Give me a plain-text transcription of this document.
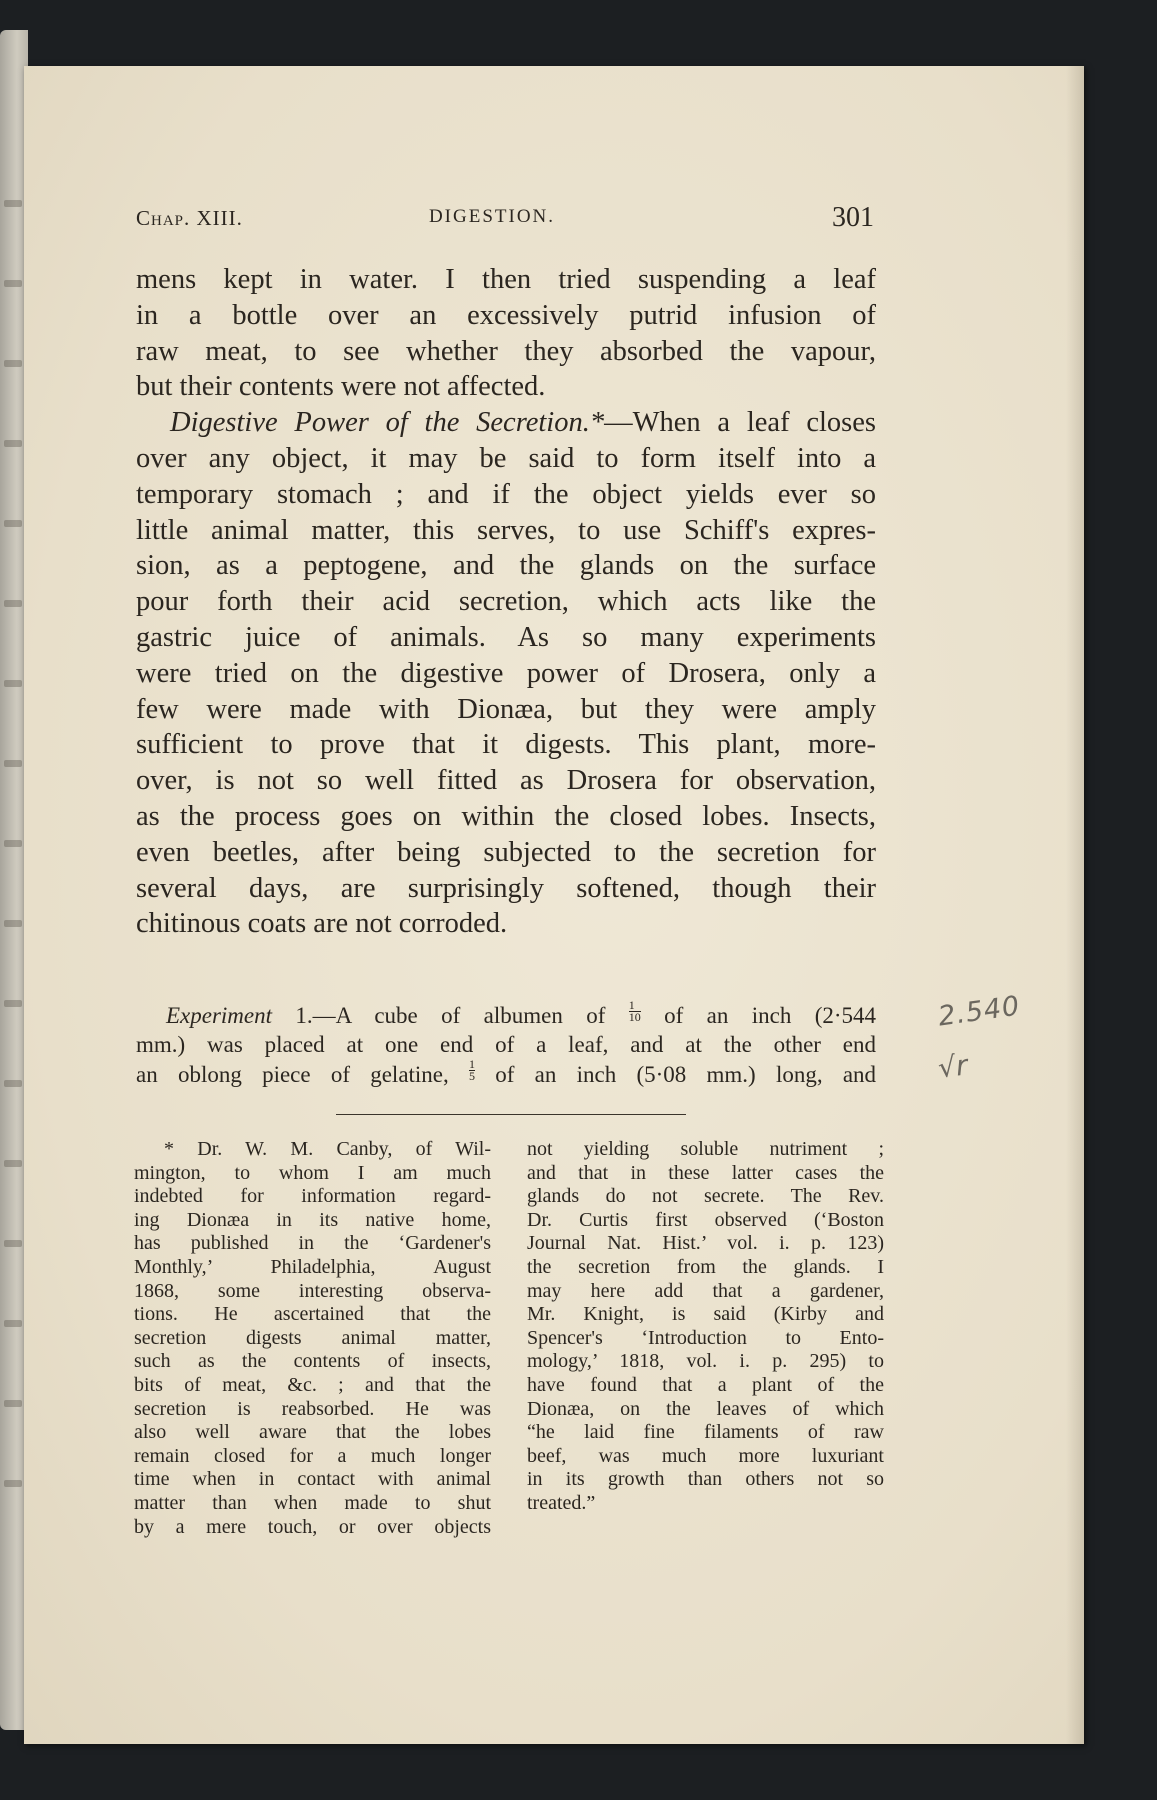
Chap. XIII.	DIGESTION.	301

mens kept in water. I then tried suspending a leaf
in a bottle over an excessively putrid infusion of
raw meat, to see whether they absorbed the vapour,
but their contents were not affected.

Digestive Power of the Secretion.*—When a leaf closes
over any object, it may be said to form itself into a
temporary stomach ; and if the object yields ever so
little animal matter, this serves, to use Schiff's expres-
sion, as a peptogene, and the glands on the surface
pour forth their acid secretion, which acts like the
gastric juice of animals. As so many experiments
were tried on the digestive power of Drosera, only a
few were made with Dionæa, but they were amply
sufficient to prove that it digests. This plant, more-
over, is not so well fitted as Drosera for observation,
as the process goes on within the closed lobes. Insects,
even beetles, after being subjected to the secretion for
several days, are surprisingly softened, though their
chitinous coats are not corroded.

Experiment 1.—A cube of albumen of $\frac{1}{10}$ of an inch (2·544
mm.) was placed at one end of a leaf, and at the other end
an oblong piece of gelatine, $\frac{1}{5}$ of an inch (5·08 mm.) long, and
* Dr. W. M. Canby, of Wil-
mington, to whom I am much
indebted for information regard-
ing Dionæa in its native home,
has published in the ‘Gardener's
Monthly,’ Philadelphia, August
1868, some interesting observa-
tions. He ascertained that the
secretion digests animal matter,
such as the contents of insects,
bits of meat, &c. ; and that the
secretion is reabsorbed. He was
also well aware that the lobes
remain closed for a much longer
time when in contact with animal
matter than when made to shut
by a mere touch, or over objects
not yielding soluble nutriment ;
and that in these latter cases the
glands do not secrete. The Rev.
Dr. Curtis first observed (‘Boston
Journal Nat. Hist.’ vol. i. p. 123)
the secretion from the glands. I
may here add that a gardener,
Mr. Knight, is said (Kirby and
Spencer's ‘Introduction to Ento-
mology,’ 1818, vol. i. p. 295) to
have found that a plant of the
Dionæa, on the leaves of which
“he laid fine filaments of raw
beef, was much more luxuriant
in its growth than others not so
treated.”
2.540
√r
